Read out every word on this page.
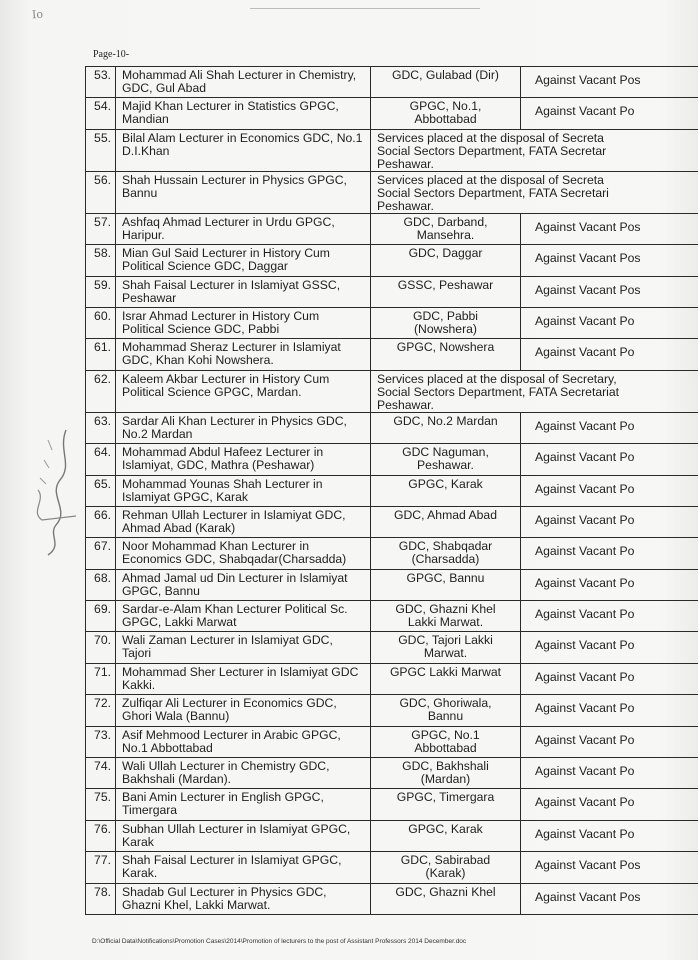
Io
Page-10-
53.	Mohammad Ali Shah Lecturer in Chemistry,
GDC, Gul Abad	GDC, Gulabad (Dir)	Against Vacant Pos
54.	Majid Khan Lecturer in Statistics GPGC,
Mandian	GPGC, No.1,
Abbottabad	Against Vacant Po
55.	Bilal Alam Lecturer in Economics GDC, No.1
D.I.Khan	Services placed at the disposal of Secreta
Social Sectors Department, FATA Secretar
Peshawar.	

56.	Shah Hussain Lecturer in Physics GPGC,
Bannu	Services placed at the disposal of Secreta
Social Sectors Department, FATA Secretari
Peshawar.	

57.	Ashfaq Ahmad Lecturer in Urdu GPGC,
Haripur.	GDC, Darband,
Mansehra.	Against Vacant Pos
58.	Mian Gul Said Lecturer in History Cum
Political Science GDC, Daggar	GDC, Daggar	Against Vacant Pos
59.	Shah Faisal Lecturer in Islamiyat GSSC,
Peshawar	GSSC, Peshawar	Against Vacant Pos
60.	Israr Ahmad Lecturer in History Cum
Political Science GDC, Pabbi	GDC, Pabbi
(Nowshera)	Against Vacant Po
61.	Mohammad Sheraz Lecturer in Islamiyat
GDC, Khan Kohi Nowshera.	GPGC, Nowshera	Against Vacant Po
62.	Kaleem Akbar Lecturer in History Cum
Political Science GPGC, Mardan.	Services placed at the disposal of Secretary,
Social Sectors Department, FATA Secretariat
Peshawar.	

63.	Sardar Ali Khan Lecturer in Physics GDC,
No.2 Mardan	GDC, No.2 Mardan	Against Vacant Po
64.	Mohammad Abdul Hafeez Lecturer in
Islamiyat, GDC, Mathra (Peshawar)	GDC Naguman,
Peshawar.	Against Vacant Po
65.	Mohammad Younas Shah Lecturer in
Islamiyat GPGC, Karak	GPGC, Karak	Against Vacant Po
66.	Rehman Ullah Lecturer in Islamiyat GDC,
Ahmad Abad (Karak)	GDC, Ahmad Abad	Against Vacant Po
67.	Noor Mohammad Khan Lecturer in
Economics GDC, Shabqadar(Charsadda)	GDC, Shabqadar
(Charsadda)	Against Vacant Po
68.	Ahmad Jamal ud Din Lecturer in Islamiyat
GPGC, Bannu	GPGC, Bannu	Against Vacant Po
69.	Sardar-e-Alam Khan Lecturer Political Sc.
GPGC, Lakki Marwat	GDC, Ghazni Khel
Lakki Marwat.	Against Vacant Po
70.	Wali Zaman Lecturer in Islamiyat GDC,
Tajori	GDC, Tajori Lakki
Marwat.	Against Vacant Po
71.	Mohammad Sher Lecturer in Islamiyat GDC
Kakki.	GPGC Lakki Marwat	Against Vacant Po
72.	Zulfiqar Ali Lecturer in Economics GDC,
Ghori Wala (Bannu)	GDC, Ghoriwala,
Bannu	Against Vacant Po
73.	Asif Mehmood Lecturer in Arabic GPGC,
No.1 Abbottabad	GPGC, No.1
Abbottabad	Against Vacant Po
74.	Wali Ullah Lecturer in Chemistry GDC,
Bakhshali (Mardan).	GDC, Bakhshali
(Mardan)	Against Vacant Po
75.	Bani Amin Lecturer in English GPGC,
Timergara	GPGC, Timergara	Against Vacant Po
76.	Subhan Ullah Lecturer in Islamiyat GPGC,
Karak	GPGC, Karak	Against Vacant Po
77.	Shah Faisal Lecturer in Islamiyat GPGC,
Karak.	GDC, Sabirabad
(Karak)	Against Vacant Pos
78.	Shadab Gul Lecturer in Physics GDC,
Ghazni Khel, Lakki Marwat.	GDC, Ghazni Khel	Against Vacant Pos
D:\Official Data\Notifications\Promotion Cases\2014\Promotion of lecturers to the post of Assistant Professors 2014 December.doc
